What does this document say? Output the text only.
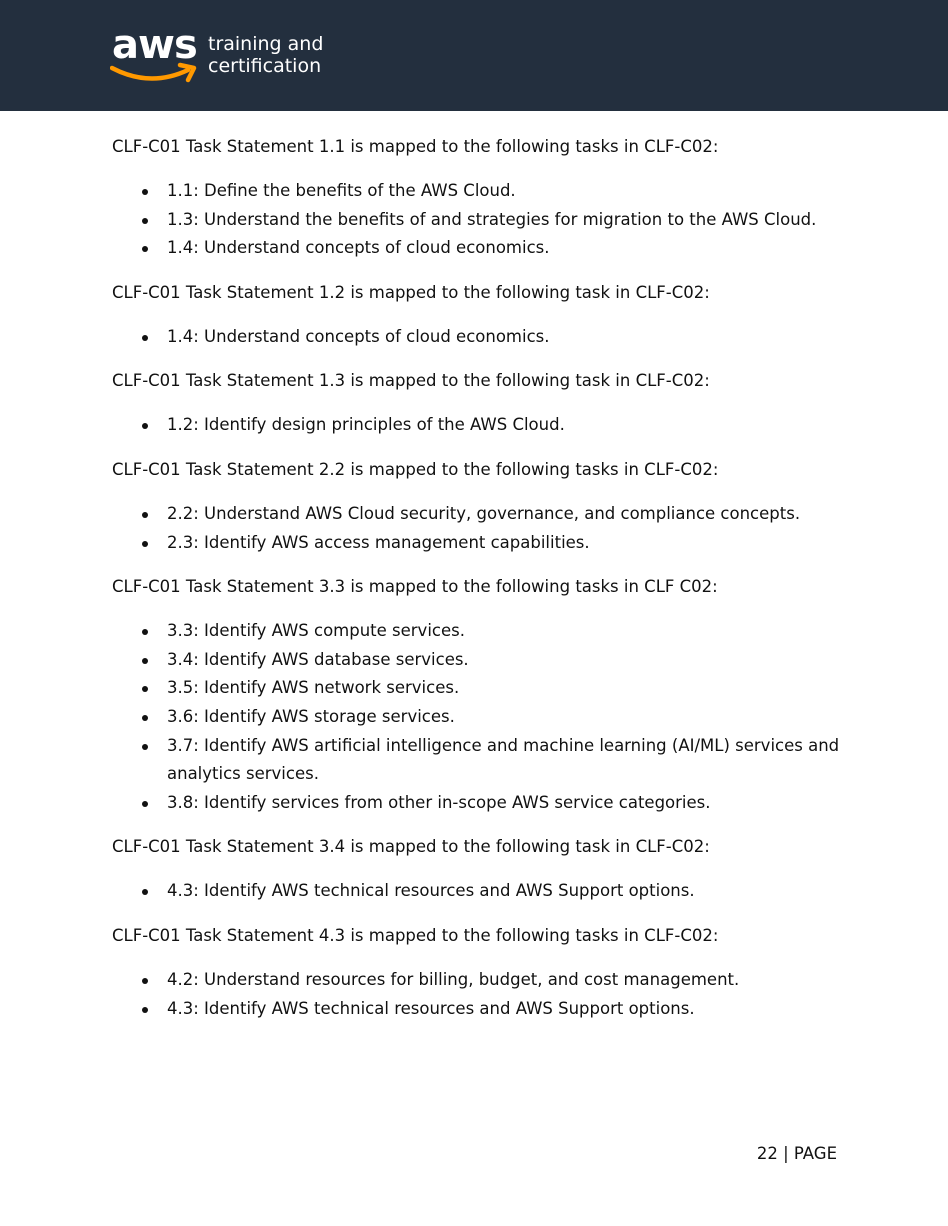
aws training and
certification

CLF-C01 Task Statement 1.1 is mapped to the following tasks in CLF-C02:

1.1: Define the benefits of the AWS Cloud.
1.3: Understand the benefits of and strategies for migration to the AWS Cloud.
1.4: Understand concepts of cloud economics.

CLF-C01 Task Statement 1.2 is mapped to the following task in CLF-C02:

1.4: Understand concepts of cloud economics.

CLF-C01 Task Statement 1.3 is mapped to the following task in CLF-C02:

1.2: Identify design principles of the AWS Cloud.

CLF-C01 Task Statement 2.2 is mapped to the following tasks in CLF-C02:

2.2: Understand AWS Cloud security, governance, and compliance concepts.
2.3: Identify AWS access management capabilities.

CLF-C01 Task Statement 3.3 is mapped to the following tasks in CLF C02:

3.3: Identify AWS compute services.
3.4: Identify AWS database services.
3.5: Identify AWS network services.
3.6: Identify AWS storage services.
3.7: Identify AWS artificial intelligence and machine learning (AI/ML) services and analytics services.
3.8: Identify services from other in-scope AWS service categories.

CLF-C01 Task Statement 3.4 is mapped to the following task in CLF-C02:

4.3: Identify AWS technical resources and AWS Support options.

CLF-C01 Task Statement 4.3 is mapped to the following tasks in CLF-C02:

4.2: Understand resources for billing, budget, and cost management.
4.3: Identify AWS technical resources and AWS Support options.
22 | PAGE
